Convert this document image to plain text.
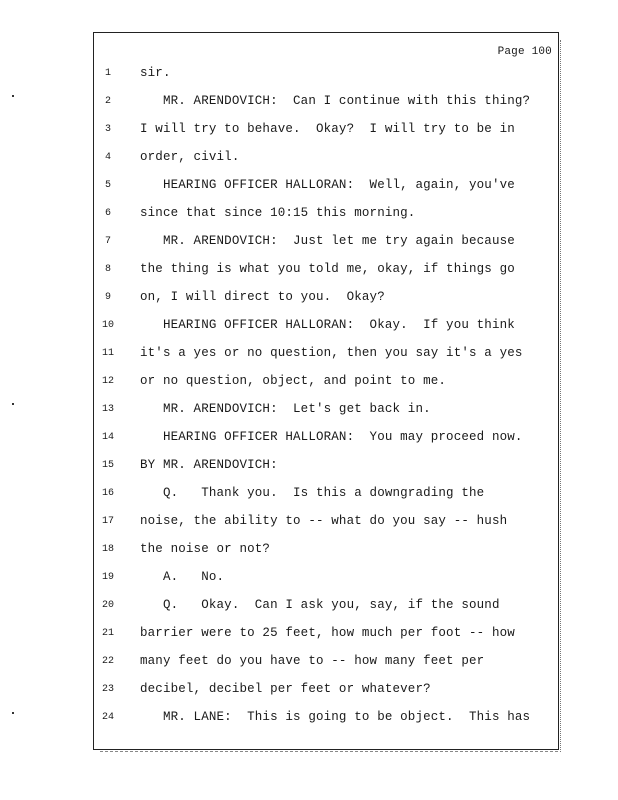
Page 100
1	sir.
2	MR. ARENDOVICH:  Can I continue with this thing?
3	I will try to behave.  Okay?  I will try to be in
4	order, civil.
5	HEARING OFFICER HALLORAN:  Well, again, you've
6	since that since 10:15 this morning.
7	MR. ARENDOVICH:  Just let me try again because
8	the thing is what you told me, okay, if things go
9	on, I will direct to you.  Okay?
10	HEARING OFFICER HALLORAN:  Okay.  If you think
11	it's a yes or no question, then you say it's a yes
12	or no question, object, and point to me.
13	MR. ARENDOVICH:  Let's get back in.
14	HEARING OFFICER HALLORAN:  You may proceed now.
15	BY MR. ARENDOVICH:
16	Q.   Thank you.  Is this a downgrading the
17	noise, the ability to -- what do you say -- hush
18	the noise or not?
19	A.   No.
20	Q.   Okay.  Can I ask you, say, if the sound
21	barrier were to 25 feet, how much per foot -- how
22	many feet do you have to -- how many feet per
23	decibel, decibel per feet or whatever?
24	MR. LANE:  This is going to be object.  This has
